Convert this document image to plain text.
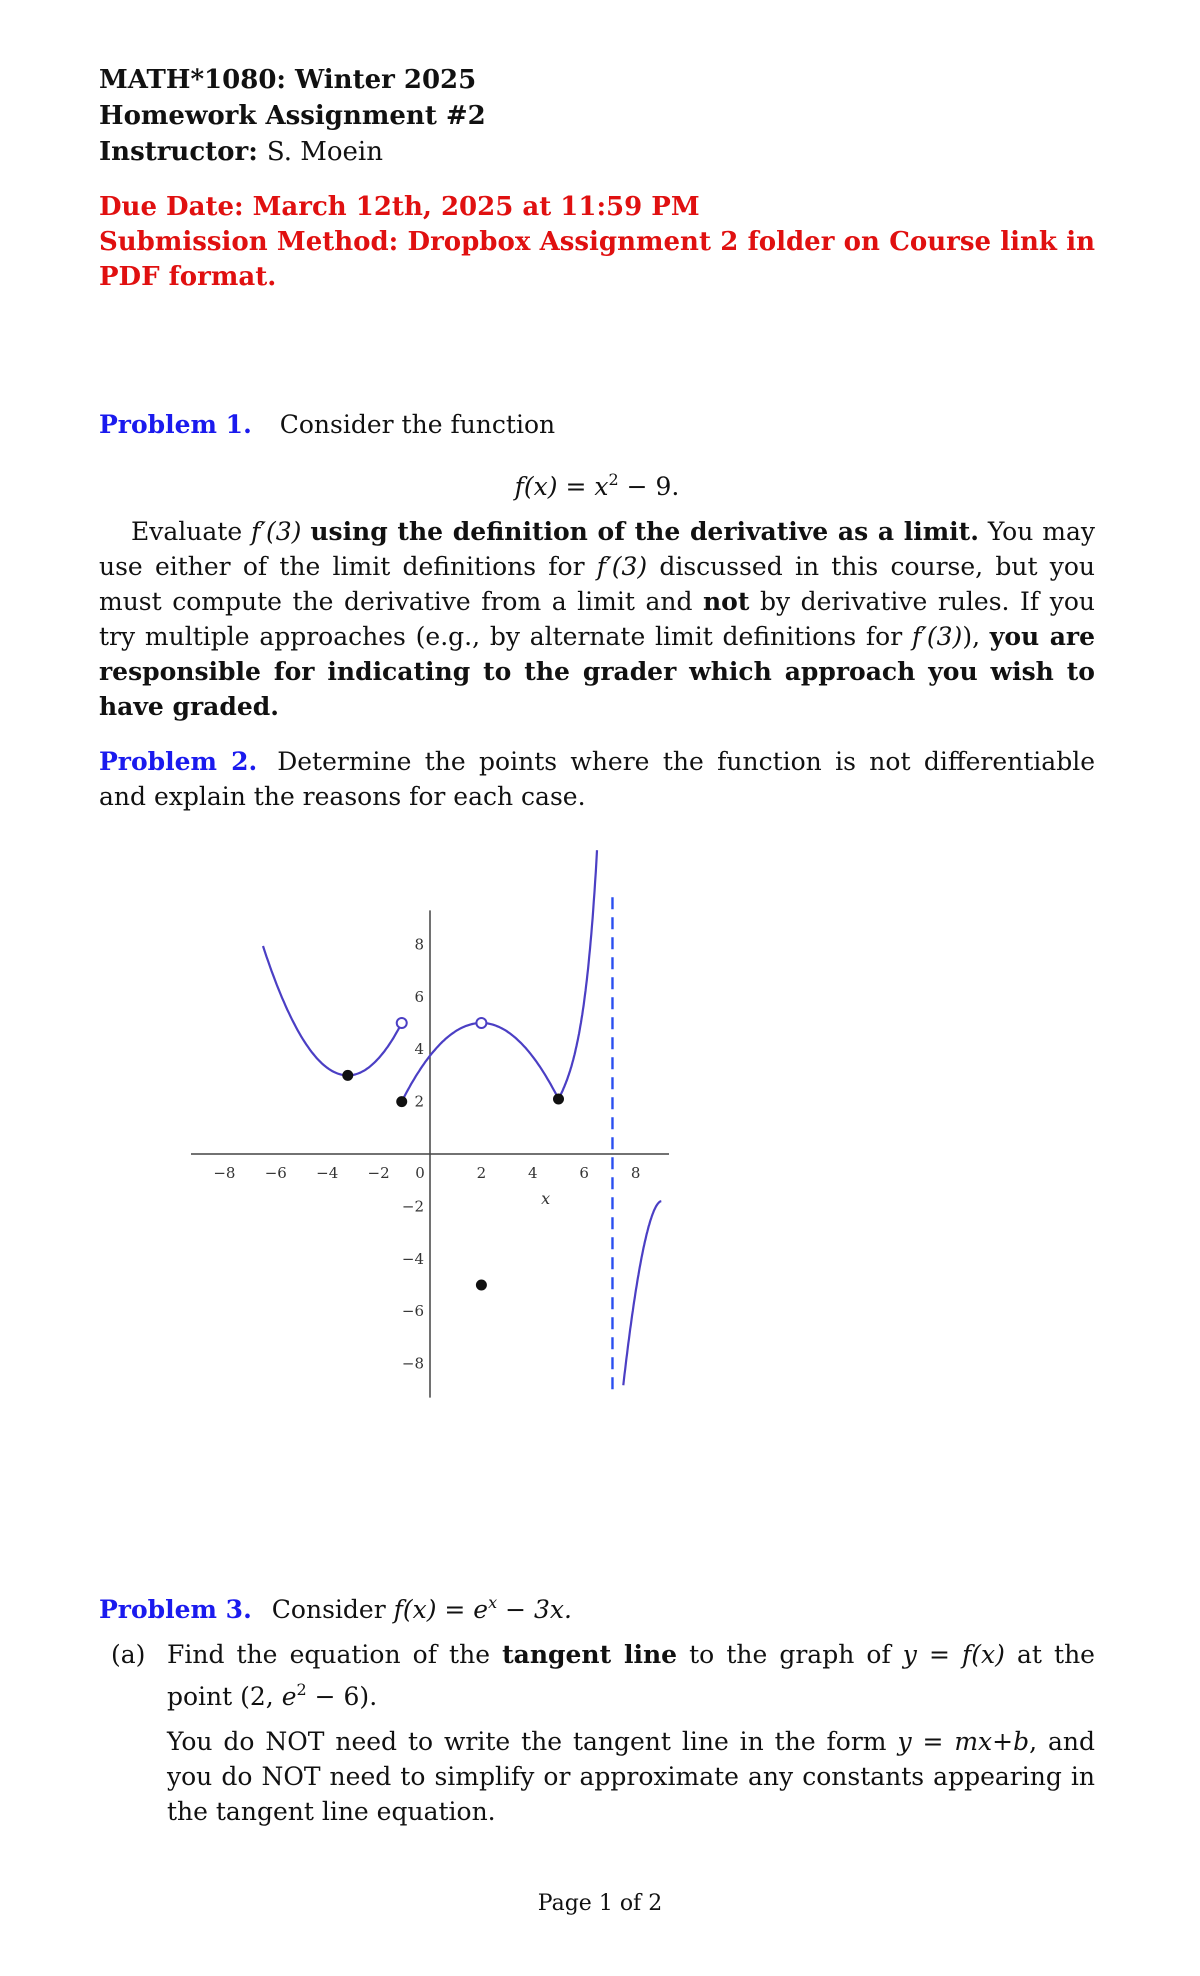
MATH*1080: Winter 2025
Homework Assignment #2
Instructor: S. Moein
Due Date: March 12th, 2025 at 11:59 PM
Submission Method: Dropbox Assignment 2 folder on Course link in PDF format.

Problem 1. Consider the function

$f(x) = x^2 - 9$.

Evaluate f′(3) using the definition of the derivative as a limit. You may use either of the limit definitions for f′(3) discussed in this course, but you must compute the derivative from a limit and not by derivative rules. If you try multiple approaches (e.g., by alternate limit definitions for f′(3)), you are responsible for indicating to the grader which approach you wish to have graded.

Problem 2. Determine the points where the function is not differentiable and explain the reasons for each case.

−8 −6 −4 −2 0	2	4	6	8
8
6
4
2
−2
−4
−6
−8
x

Problem 3. Consider $f(x) = e^x - 3x$.

(a) Find the equation of the tangent line to the graph of y = f(x) at the point (2, $e^2 - 6$).

You do NOT need to write the tangent line in the form y = mx+b, and you do NOT need to simplify or approximate any constants appearing in the tangent line equation.

Page 1 of 2
